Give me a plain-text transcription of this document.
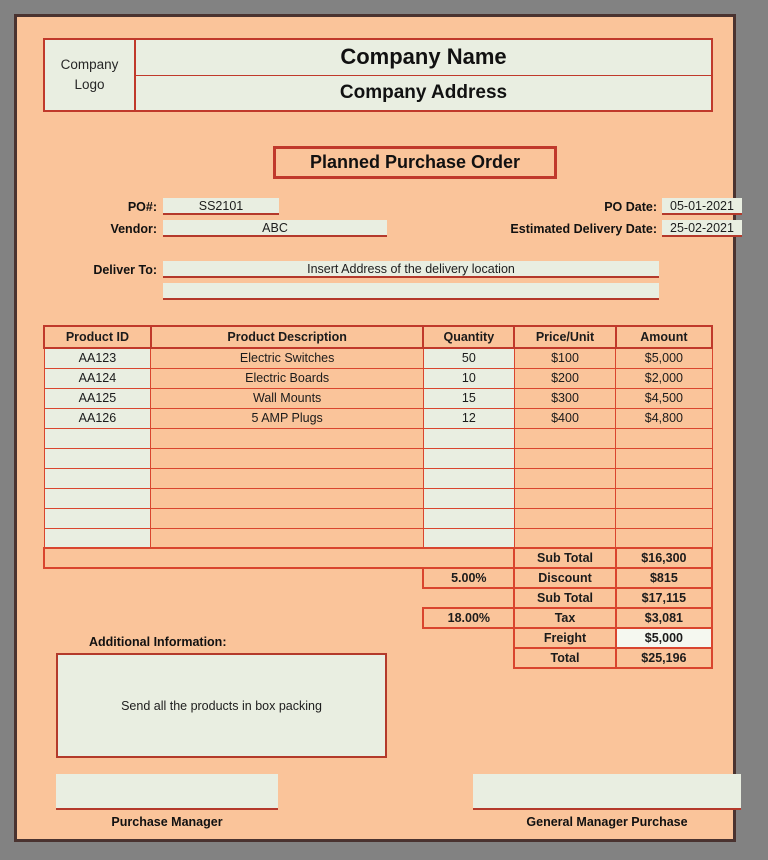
Company
Logo
Company Name
Company Address
Planned Purchase Order
PO#:	SS2101
Vendor:	ABC
PO Date:	05-01-2021
Estimated Delivery Date:	25-02-2021
Deliver To:	Insert Address of the delivery location
Product ID	Product Description	Quantity	Price/Unit	Amount
AA123	Electric Switches	50	$100	$5,000
AA124	Electric Boards	10	$200	$2,000
AA125	Wall Mounts	15	$300	$4,500
AA126	5 AMP Plugs	12	$400	$4,800

			Sub Total	$16,300
		5.00%	Discount	$815
			Sub Total	$17,115
		18.00%	Tax	$3,081
			Freight	$5,000
			Total	$25,196
Additional Information:
Send all the products in box packing
Purchase Manager	General Manager Purchase
